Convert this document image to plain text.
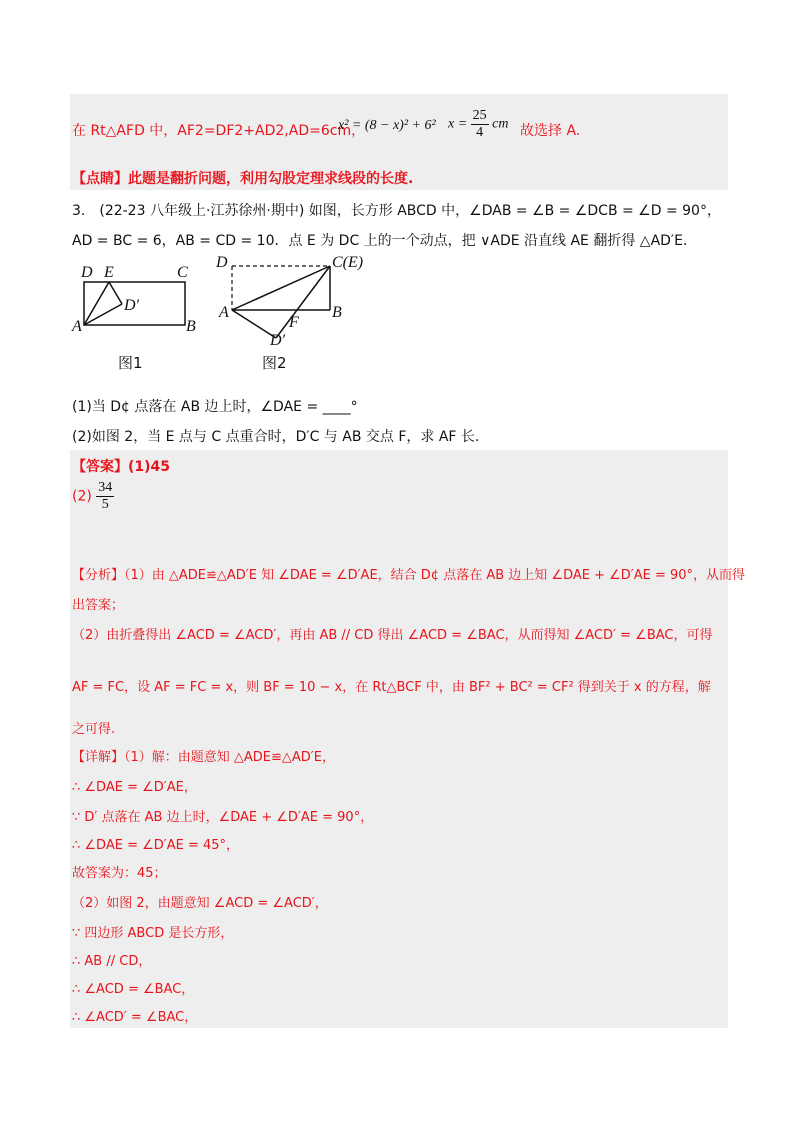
在 Rt△AFD 中，AF2=DF2+AD2,AD=6cm，
x² = (8 − x)² + 6² $x = \frac{25}{4}$ cm 故选择 A.
【点睛】此题是翻折问题，利用勾股定理求线段的长度.
3.　(22-23 八年级上·江苏徐州·期中) 如图，长方形 ABCD 中，∠DAB = ∠B = ∠DCB = ∠D = 90°，
AD = BC = 6，AB = CD = 10．点 E 为 DC 上的一个动点，把 ∨ADE 沿直线 AE 翻折得 △AD′E．
D E	C
D′
A	B
图1
D	C(E)
A	B
F
D′
图2
(1)当 D¢ 点落在 AB 边上时，∠DAE = ____°
(2)如图 2，当 E 点与 C 点重合时，D′C 与 AB 交点 F，求 AF 长.
【答案】(1)45
$(2) \frac{34}{5}$
【分析】（1）由 △ADE≌△AD′E 知 ∠DAE = ∠D′AE，结合 D¢ 点落在 AB 边上知 ∠DAE + ∠D′AE = 90°，从而得
出答案；
（2）由折叠得出 ∠ACD = ∠ACD′，再由 AB // CD 得出 ∠ACD = ∠BAC，从而得知 ∠ACD′ = ∠BAC，可得
AF = FC，设 AF = FC = x，则 BF = 10 − x，在 Rt△BCF 中，由 BF² + BC² = CF² 得到关于 x 的方程，解
之可得.
【详解】（1）解：由题意知 △ADE≌△AD′E，
∴ ∠DAE = ∠D′AE，
∵ D′ 点落在 AB 边上时，∠DAE + ∠D′AE = 90°，
∴ ∠DAE = ∠D′AE = 45°，
故答案为：45；
（2）如图 2，由题意知 ∠ACD = ∠ACD′，
∵ 四边形 ABCD 是长方形，
∴ AB // CD，
∴ ∠ACD = ∠BAC，
∴ ∠ACD′ = ∠BAC，
